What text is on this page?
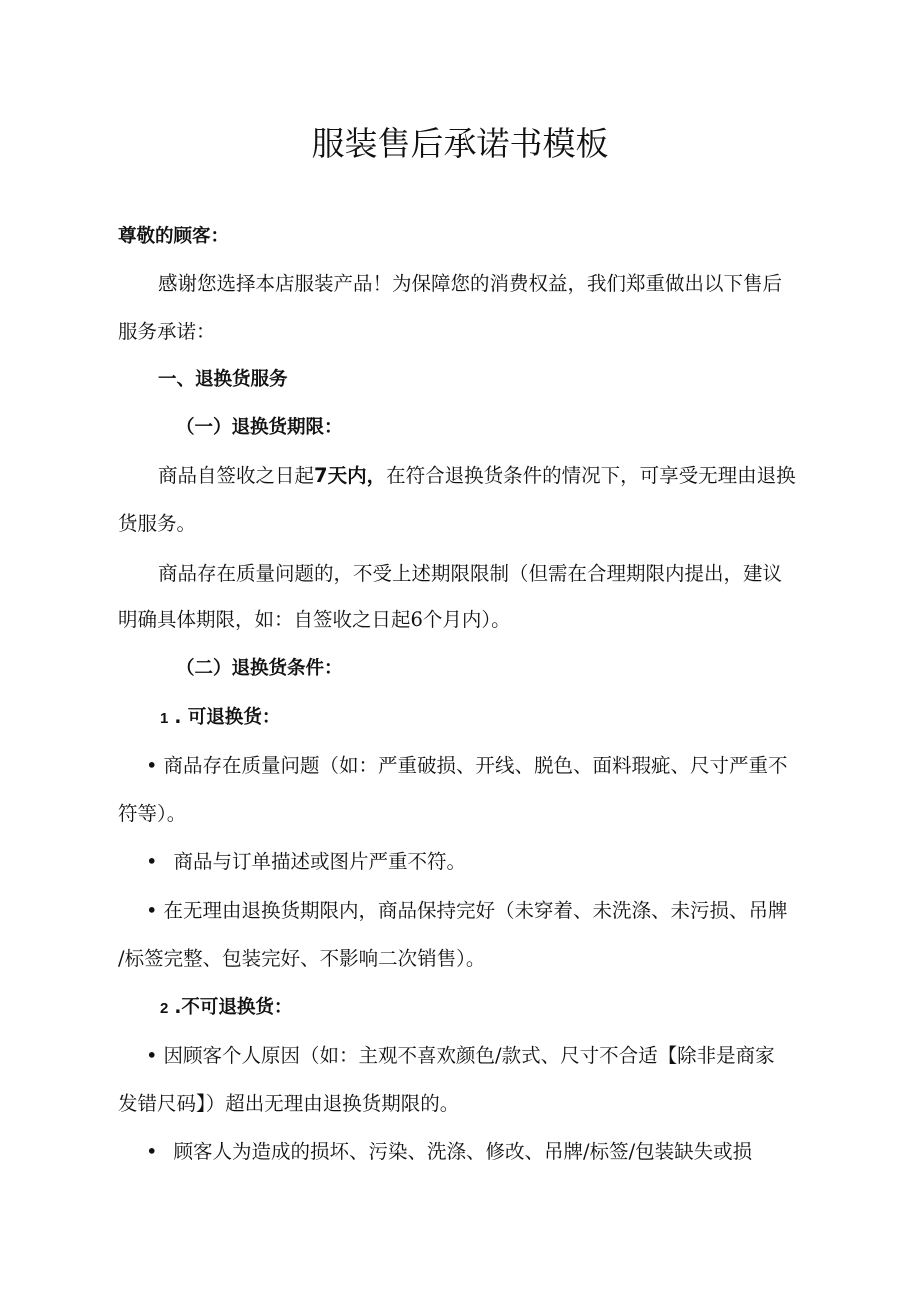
服装售后承诺书模板
尊敬的顾客：
感谢您选择本店服装产品！为保障您的消费权益，我们郑重做出以下售后
服务承诺：
一、退换货服务
（一）退换货期限：
商品自签收之日起7天内，在符合退换货条件的情况下，可享受无理由退换
货服务。
商品存在质量问题的，不受上述期限限制（但需在合理期限内提出，建议
明确具体期限，如：自签收之日起6个月内）。
（二）退换货条件：
1 . 可退换货：
• 商品存在质量问题（如：严重破损、开线、脱色、面料瑕疵、尺寸严重不
符等）。
• 商品与订单描述或图片严重不符。
• 在无理由退换货期限内，商品保持完好（未穿着、未洗涤、未污损、吊牌
/标签完整、包装完好、不影响二次销售）。
2 .不可退换货：
• 因顾客个人原因（如：主观不喜欢颜色/款式、尺寸不合适【除非是商家
发错尺码】）超出无理由退换货期限的。
• 顾客人为造成的损坏、污染、洗涤、修改、吊牌/标签/包装缺失或损
